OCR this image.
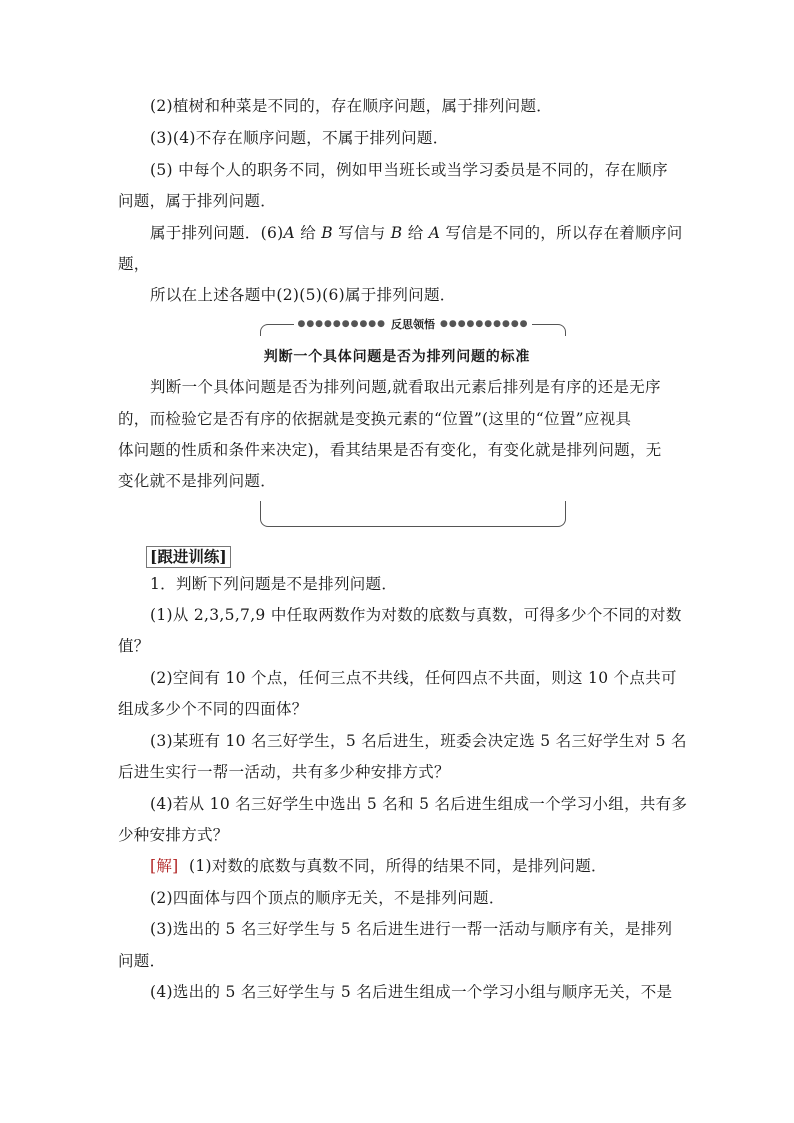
(2)植树和种菜是不同的，存在顺序问题，属于排列问题．
(3)(4)不存在顺序问题，不属于排列问题．
(5) 中每个人的职务不同，例如甲当班长或当学习委员是不同的，存在顺序
问题，属于排列问题．
属于排列问题．(6)A 给 B 写信与 B 给 A 写信是不同的，所以存在着顺序问
题，
所以在上述各题中(2)(5)(6)属于排列问题．
●●●●●●●●●● 反思领悟 ●●●●●●●●●●
判断一个具体问题是否为排列问题的标准
判断一个具体问题是否为排列问题,就看取出元素后排列是有序的还是无序
的，而检验它是否有序的依据就是变换元素的“位置”(这里的“位置”应视具
体问题的性质和条件来决定)，看其结果是否有变化，有变化就是排列问题，无
变化就不是排列问题．
[跟进训练]
1．判断下列问题是不是排列问题．
(1)从 2,3,5,7,9 中任取两数作为对数的底数与真数，可得多少个不同的对数
值？
(2)空间有 10 个点，任何三点不共线，任何四点不共面，则这 10 个点共可
组成多少个不同的四面体？
(3)某班有 10 名三好学生，5 名后进生，班委会决定选 5 名三好学生对 5 名
后进生实行一帮一活动，共有多少种安排方式？
(4)若从 10 名三好学生中选出 5 名和 5 名后进生组成一个学习小组，共有多
少种安排方式？
[解] (1)对数的底数与真数不同，所得的结果不同，是排列问题．
(2)四面体与四个顶点的顺序无关，不是排列问题．
(3)选出的 5 名三好学生与 5 名后进生进行一帮一活动与顺序有关，是排列
问题．
(4)选出的 5 名三好学生与 5 名后进生组成一个学习小组与顺序无关，不是
